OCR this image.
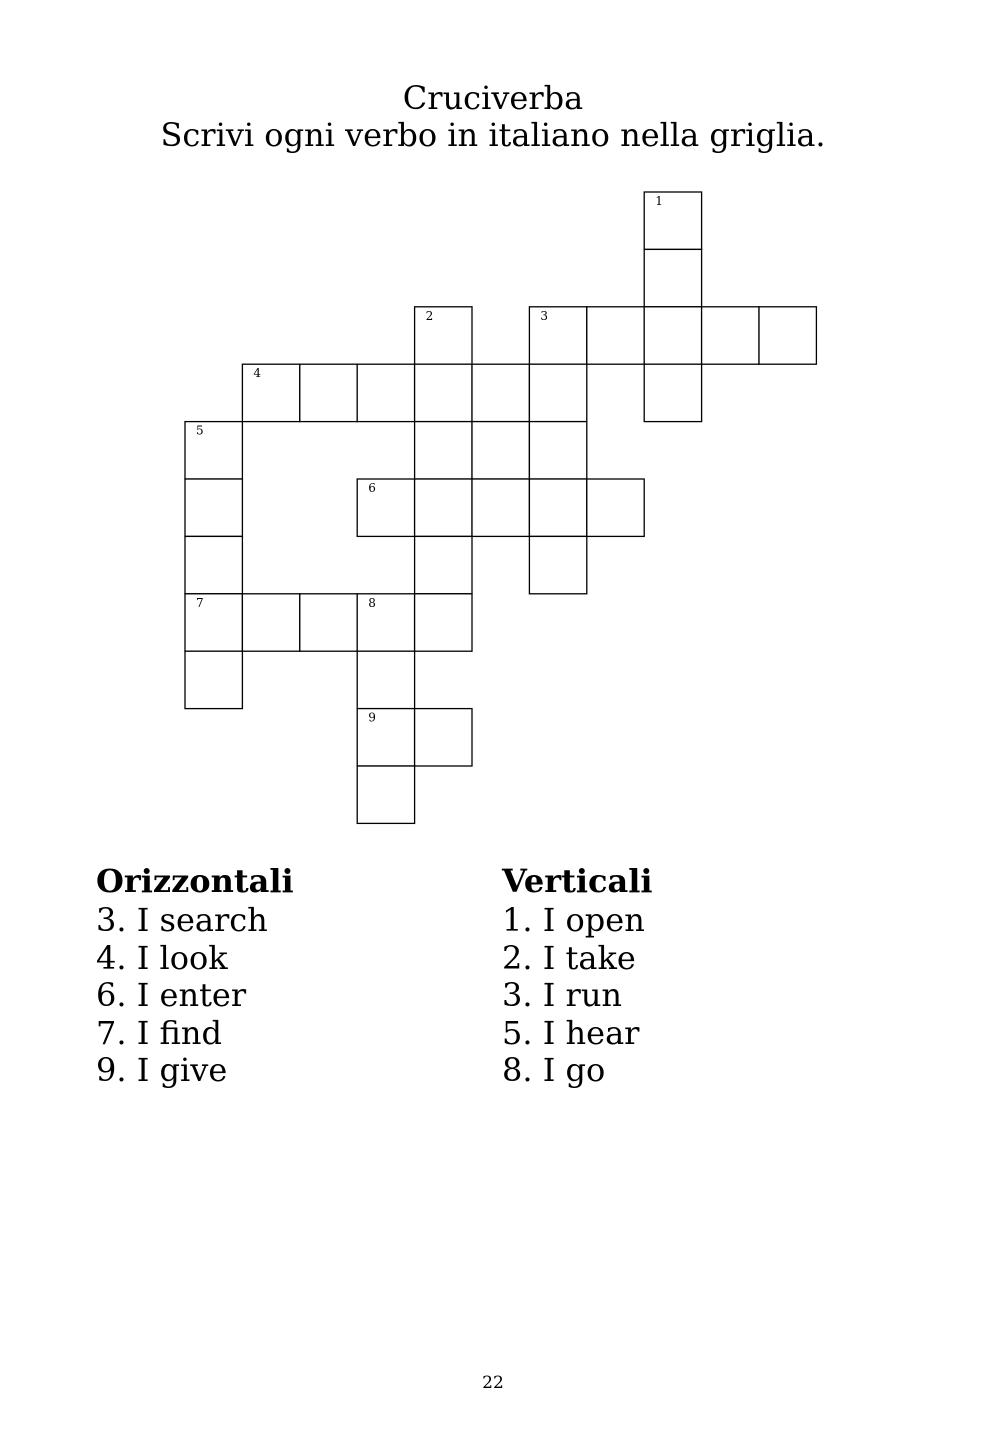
Cruciverba
Scrivi ogni verbo in italiano nella griglia.
1
2	3
4
5
6
7	8
9
Orizzontali
3. I search
4. I look
6. I enter
7. I find
9. I give
Verticali
1. I open
2. I take
3. I run
5. I hear
8. I go
22
